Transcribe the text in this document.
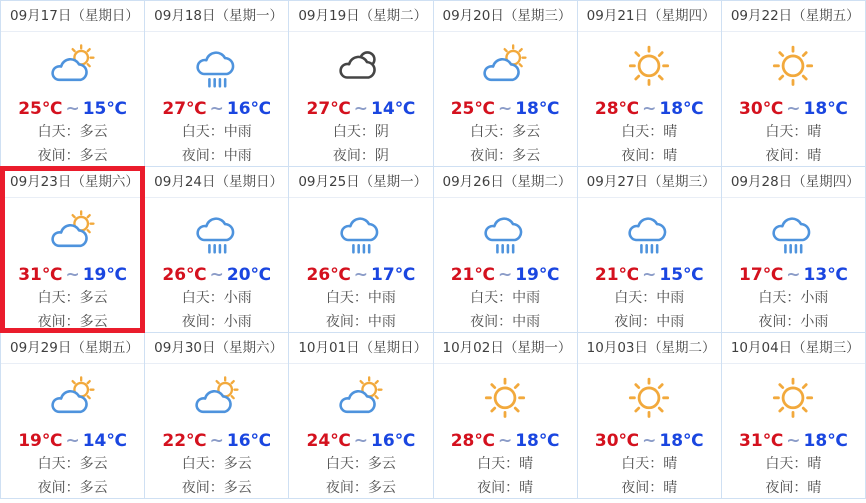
09月17日（星期日）
25℃ ~ 15℃
白天：多云
夜间：多云
09月18日（星期一）
27℃ ~ 16℃
白天：中雨
夜间：中雨
09月19日（星期二）
27℃ ~ 14℃
白天：阴
夜间：阴
09月20日（星期三）
25℃ ~ 18℃
白天：多云
夜间：多云
09月21日（星期四）
28℃ ~ 18℃
白天：晴
夜间：晴
09月22日（星期五）
30℃ ~ 18℃
白天：晴
夜间：晴
09月23日（星期六）
31℃ ~ 19℃
白天：多云
夜间：多云
09月24日（星期日）
26℃ ~ 20℃
白天：小雨
夜间：小雨
09月25日（星期一）
26℃ ~ 17℃
白天：中雨
夜间：中雨
09月26日（星期二）
21℃ ~ 19℃
白天：中雨
夜间：中雨
09月27日（星期三）
21℃ ~ 15℃
白天：中雨
夜间：中雨
09月28日（星期四）
17℃ ~ 13℃
白天：小雨
夜间：小雨
09月29日（星期五）
19℃ ~ 14℃
白天：多云
夜间：多云
09月30日（星期六）
22℃ ~ 16℃
白天：多云
夜间：多云
10月01日（星期日）
24℃ ~ 16℃
白天：多云
夜间：多云
10月02日（星期一）
28℃ ~ 18℃
白天：晴
夜间：晴
10月03日（星期二）
30℃ ~ 18℃
白天：晴
夜间：晴
10月04日（星期三）
31℃ ~ 18℃
白天：晴
夜间：晴
